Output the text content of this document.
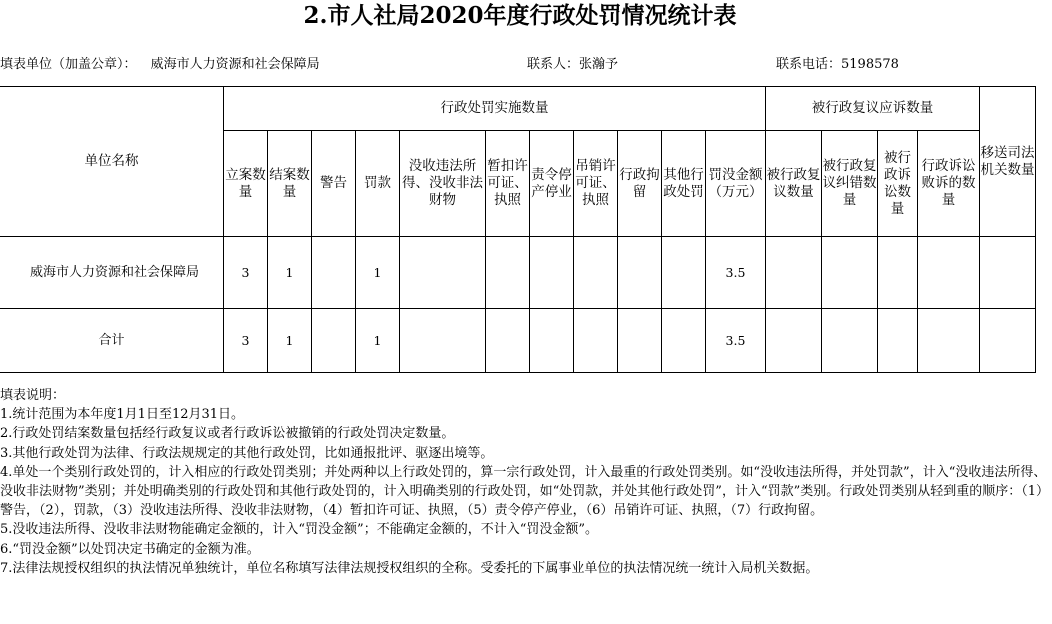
2.市人社局2020年度行政处罚情况统计表
填表单位（加盖公章）： 威海市人力资源和社会保障局	联系人：张瀚予	联系电话：5198578
单位名称	行政处罚实施数量											被行政复议应诉数量				移送司法机关数量
	立案数量	结案数量	警告	罚款	没收违法所得、没收非法财物	暂扣许可证、执照	责令停产停业	吊销许可证、执照	行政拘留	其他行政处罚	罚没金额（万元）	被行政复议数量	被行政复议纠错数量	被行政诉讼数量	行政诉讼败诉的数量	
威海市人力资源和社会保障局	3	1		1							3.5					
合计	3	1		1							3.5					
填表说明：
1.统计范围为本年度1月1日至12月31日。
2.行政处罚结案数量包括经行政复议或者行政诉讼被撤销的行政处罚决定数量。
3.其他行政处罚为法律、行政法规规定的其他行政处罚，比如通报批评、驱逐出境等。
4.单处一个类别行政处罚的，计入相应的行政处罚类别；并处两种以上行政处罚的，算一宗行政处罚，计入最重的行政处罚类别。如“没收违法所得，并处罚款”，计入“没收违法所得、没收非法财物”类别；并处明确类别的行政处罚和其他行政处罚的，计入明确类别的行政处罚，如“处罚款，并处其他行政处罚”，计入“罚款”类别。行政处罚类别从轻到重的顺序：（1）警告，（2），罚款，（3）没收违法所得、没收非法财物，（4）暂扣许可证、执照，（5）责令停产停业，（6）吊销许可证、执照，（7）行政拘留。
5.没收违法所得、没收非法财物能确定金额的，计入“罚没金额”；不能确定金额的，不计入“罚没金额”。
6.“罚没金额”以处罚决定书确定的金额为准。
7.法律法规授权组织的执法情况单独统计，单位名称填写法律法规授权组织的全称。受委托的下属事业单位的执法情况统一统计入局机关数据。
